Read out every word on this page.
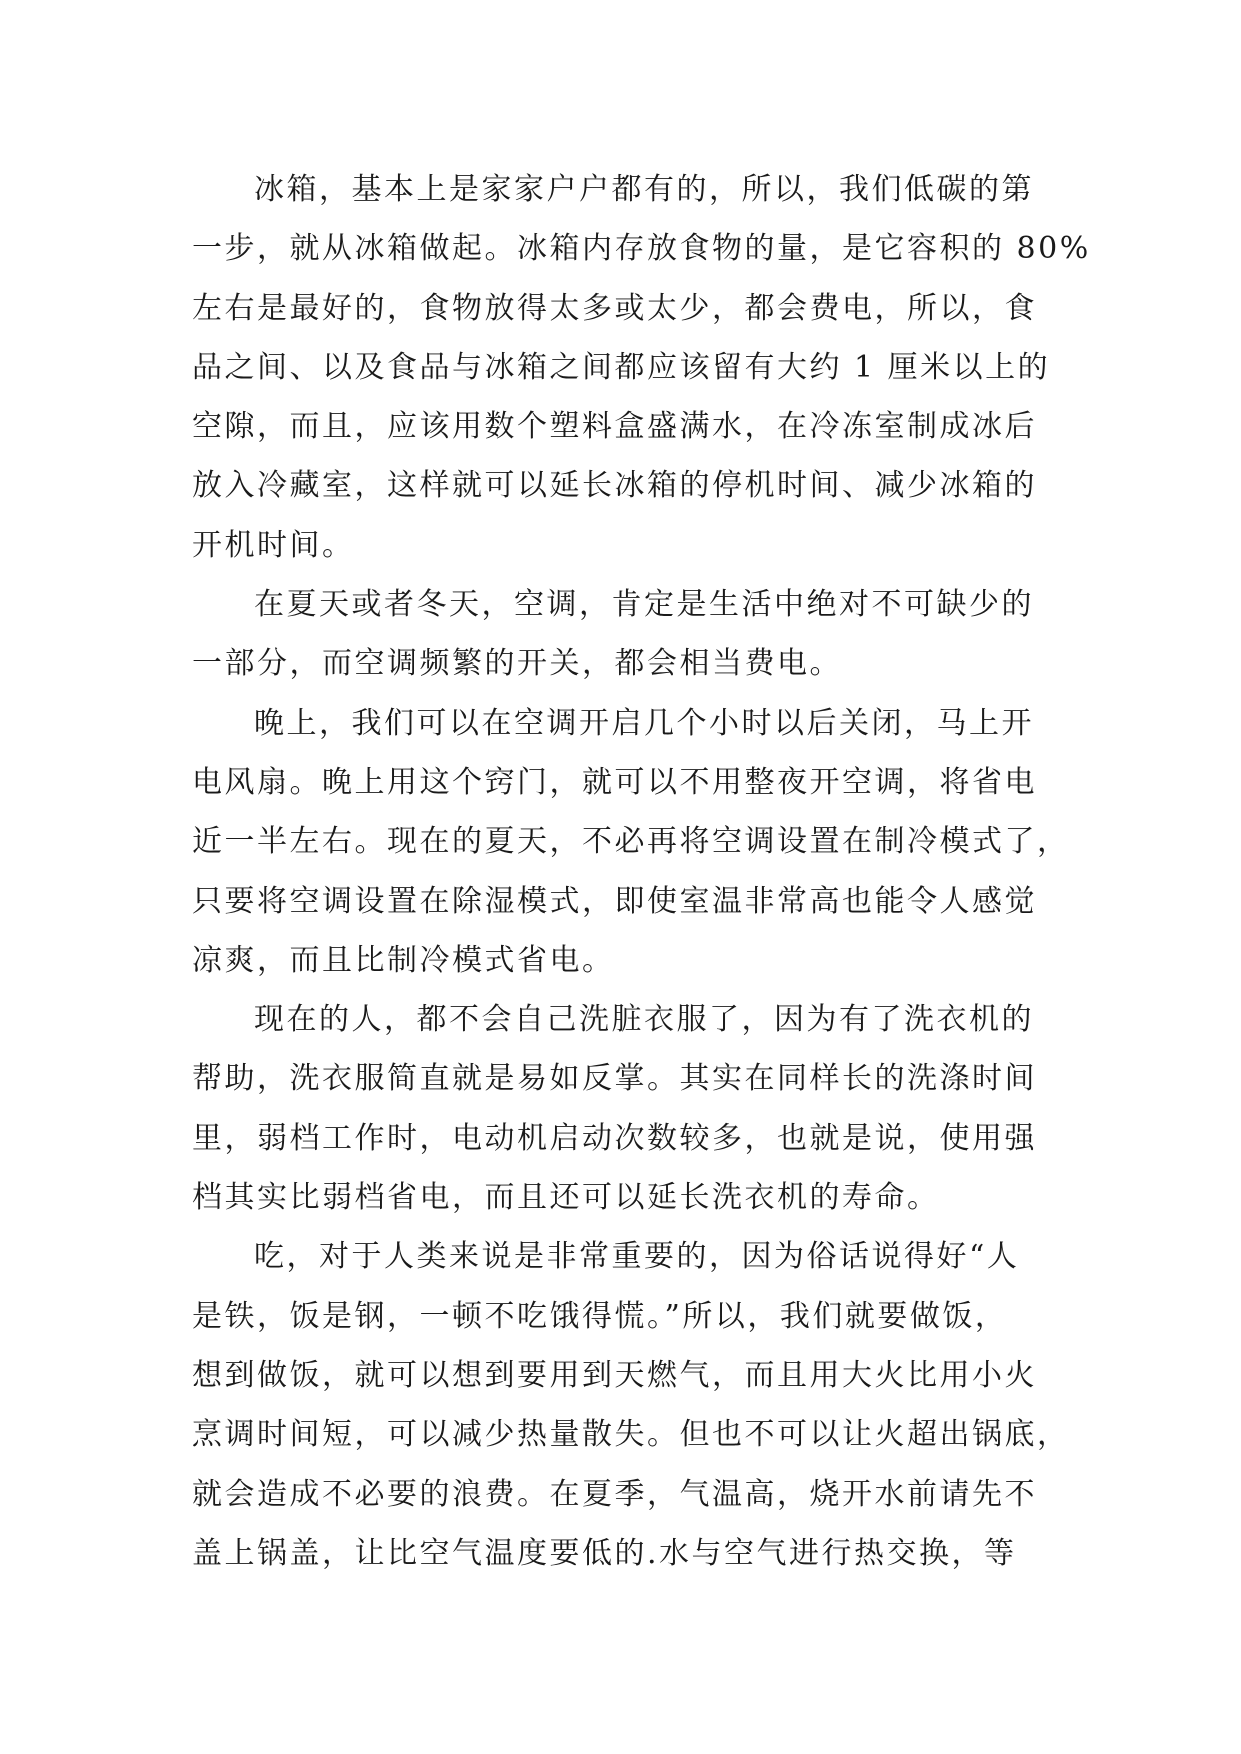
冰箱，基本上是家家户户都有的，所以，我们低碳的第
一步，就从冰箱做起。冰箱内存放食物的量，是它容积的 80%
左右是最好的，食物放得太多或太少，都会费电，所以，食
品之间、以及食品与冰箱之间都应该留有大约 1 厘米以上的
空隙，而且，应该用数个塑料盒盛满水，在冷冻室制成冰后
放入冷藏室，这样就可以延长冰箱的停机时间、减少冰箱的
开机时间。
在夏天或者冬天，空调，肯定是生活中绝对不可缺少的
一部分，而空调频繁的开关，都会相当费电。
晚上，我们可以在空调开启几个小时以后关闭，马上开
电风扇。晚上用这个窍门，就可以不用整夜开空调，将省电
近一半左右。现在的夏天，不必再将空调设置在制冷模式了，
只要将空调设置在除湿模式，即使室温非常高也能令人感觉
凉爽，而且比制冷模式省电。
现在的人，都不会自己洗脏衣服了，因为有了洗衣机的
帮助，洗衣服简直就是易如反掌。其实在同样长的洗涤时间
里，弱档工作时，电动机启动次数较多，也就是说，使用强
档其实比弱档省电，而且还可以延长洗衣机的寿命。
吃，对于人类来说是非常重要的，因为俗话说得好“人
是铁，饭是钢，一顿不吃饿得慌。”所以，我们就要做饭，
想到做饭，就可以想到要用到天燃气，而且用大火比用小火
烹调时间短，可以减少热量散失。但也不可以让火超出锅底，
就会造成不必要的浪费。在夏季，气温高，烧开水前请先不
盖上锅盖，让比空气温度要低的.水与空气进行热交换，等
